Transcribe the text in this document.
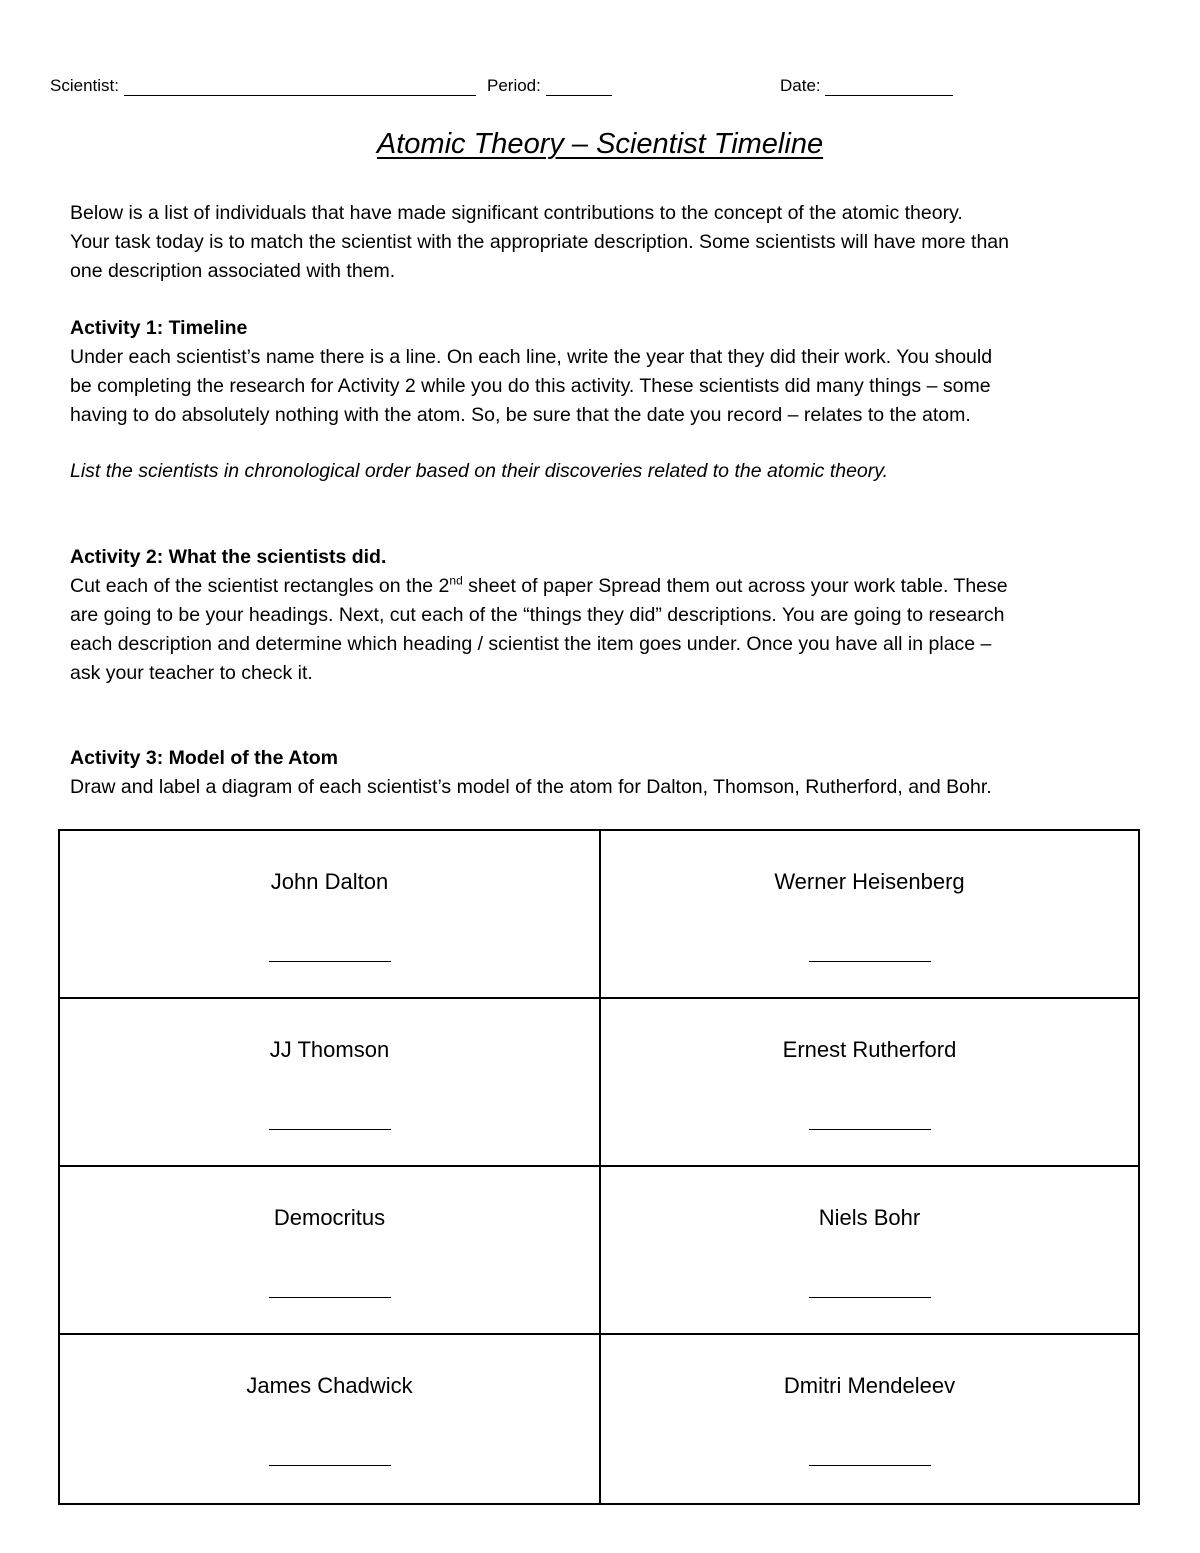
Scientist:	Period:	Date:
Atomic Theory – Scientist Timeline

Below is a list of individuals that have made significant contributions to the concept of the atomic theory.

Your task today is to match the scientist with the appropriate description. Some scientists will have more than

one description associated with them.

Activity 1: Timeline

Under each scientist’s name there is a line. On each line, write the year that they did their work. You should

be completing the research for Activity 2 while you do this activity. These scientists did many things – some

having to do absolutely nothing with the atom. So, be sure that the date you record – relates to the atom.

List the scientists in chronological order based on their discoveries related to the atomic theory.

Activity 2: What the scientists did.

Cut each of the scientist rectangles on the 2nd sheet of paper Spread them out across your work table. These

are going to be your headings. Next, cut each of the “things they did” descriptions. You are going to research

each description and determine which heading / scientist the item goes under. Once you have all in place –

ask your teacher to check it.

Activity 3: Model of the Atom

Draw and label a diagram of each scientist’s model of the atom for Dalton, Thomson, Rutherford, and Bohr.

John Dalton	Werner Heisenberg
JJ Thomson	Ernest Rutherford
Democritus	Niels Bohr
James Chadwick	Dmitri Mendeleev
